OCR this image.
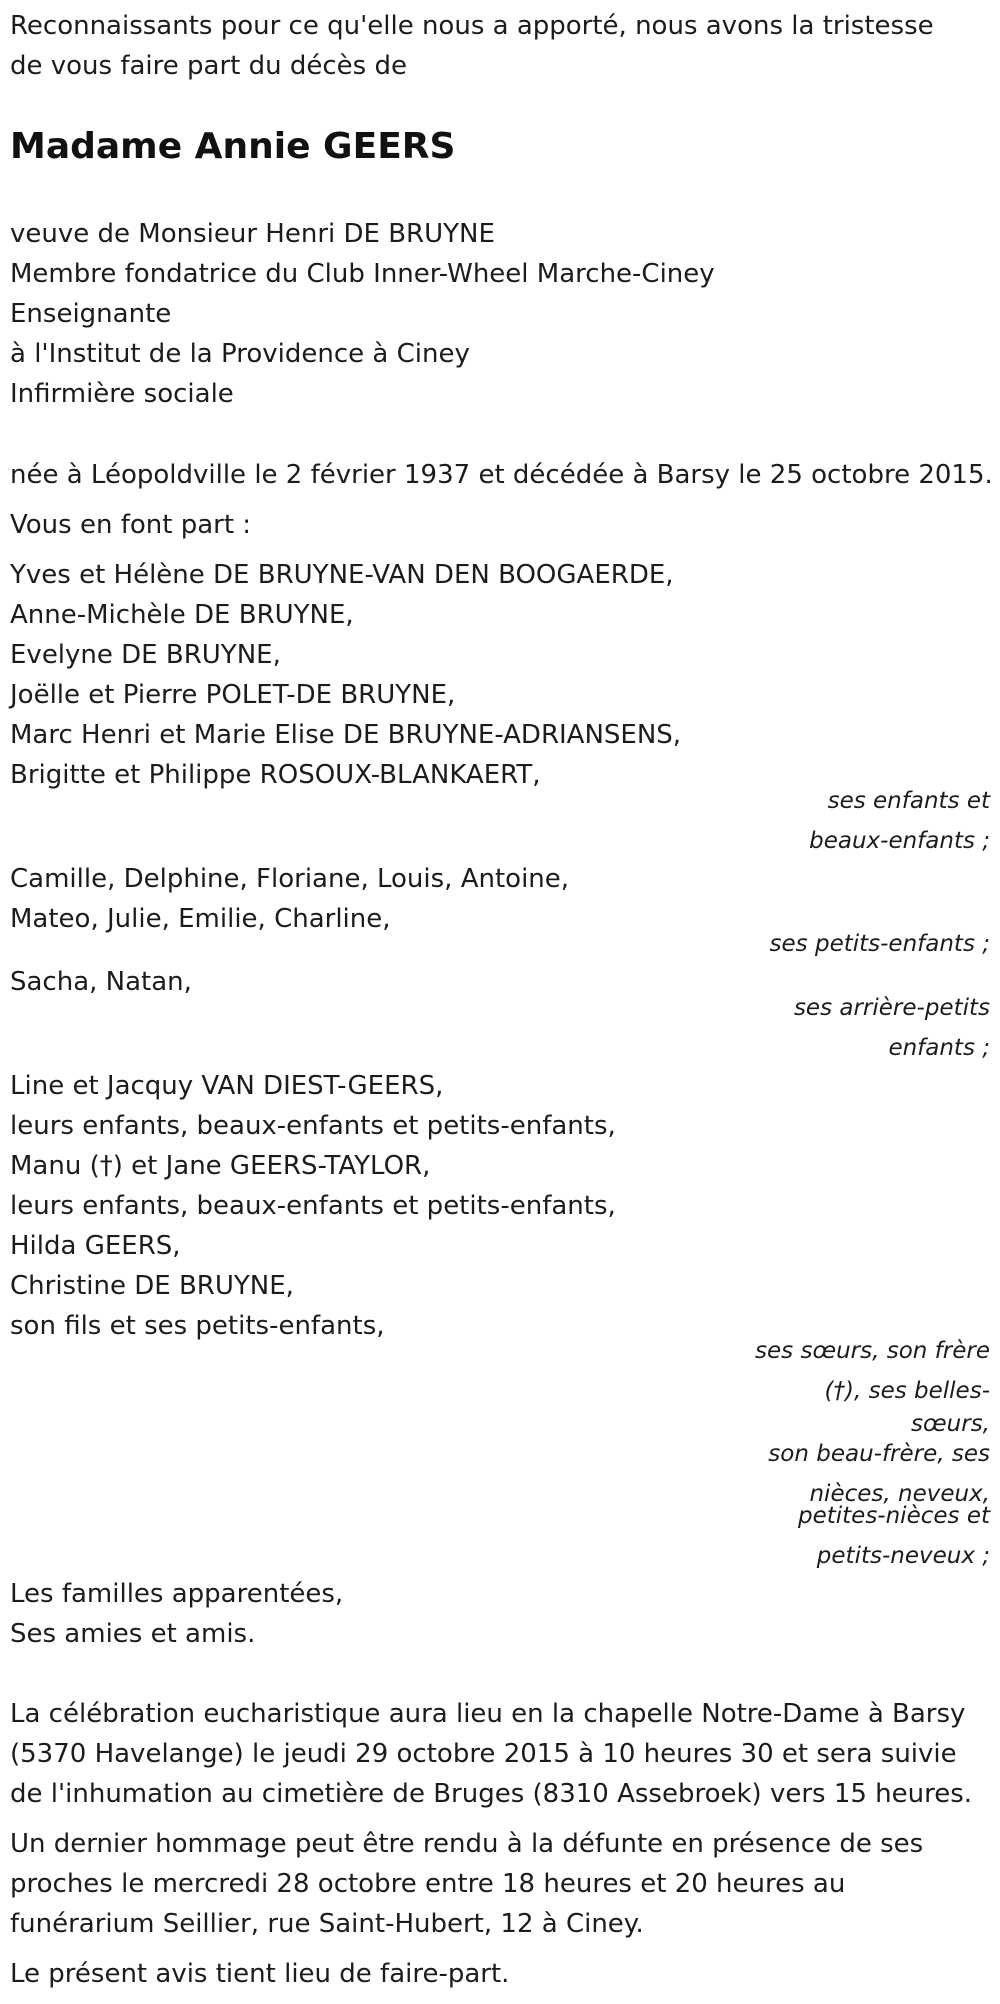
Reconnaissants pour ce qu'elle nous a apporté, nous avons la tristesse
de vous faire part du décès de
Madame Annie GEERS
veuve de Monsieur Henri DE BRUYNE
Membre fondatrice du Club Inner-Wheel Marche-Ciney
Enseignante
à l'Institut de la Providence à Ciney
Infirmière sociale
née à Léopoldville le 2 février 1937 et décédée à Barsy le 25 octobre 2015.
Vous en font part :
Yves et Hélène DE BRUYNE-VAN DEN BOOGAERDE,
Anne-Michèle DE BRUYNE,
Evelyne DE BRUYNE,
Joëlle et Pierre POLET-DE BRUYNE,
Marc Henri et Marie Elise DE BRUYNE-ADRIANSENS,
Brigitte et Philippe ROSOUX-BLANKAERT,
ses enfants et
beaux-enfants ;
Camille, Delphine, Floriane, Louis, Antoine,
Mateo, Julie, Emilie, Charline,
ses petits-enfants ;
Sacha, Natan,
ses arrière-petits
enfants ;
Line et Jacquy VAN DIEST-GEERS,
leurs enfants, beaux-enfants et petits-enfants,
Manu (†) et Jane GEERS-TAYLOR,
leurs enfants, beaux-enfants et petits-enfants,
Hilda GEERS,
Christine DE BRUYNE,
son fils et ses petits-enfants,
ses sœurs, son frère
(†), ses belles-
sœurs,
son beau-frère, ses
nièces, neveux,
petites-nièces et
petits-neveux ;
Les familles apparentées,
Ses amies et amis.
La célébration eucharistique aura lieu en la chapelle Notre-Dame à Barsy
(5370 Havelange) le jeudi 29 octobre 2015 à 10 heures 30 et sera suivie
de l'inhumation au cimetière de Bruges (8310 Assebroek) vers 15 heures.
Un dernier hommage peut être rendu à la défunte en présence de ses
proches le mercredi 28 octobre entre 18 heures et 20 heures au
funérarium Seillier, rue Saint-Hubert, 12 à Ciney.
Le présent avis tient lieu de faire-part.
